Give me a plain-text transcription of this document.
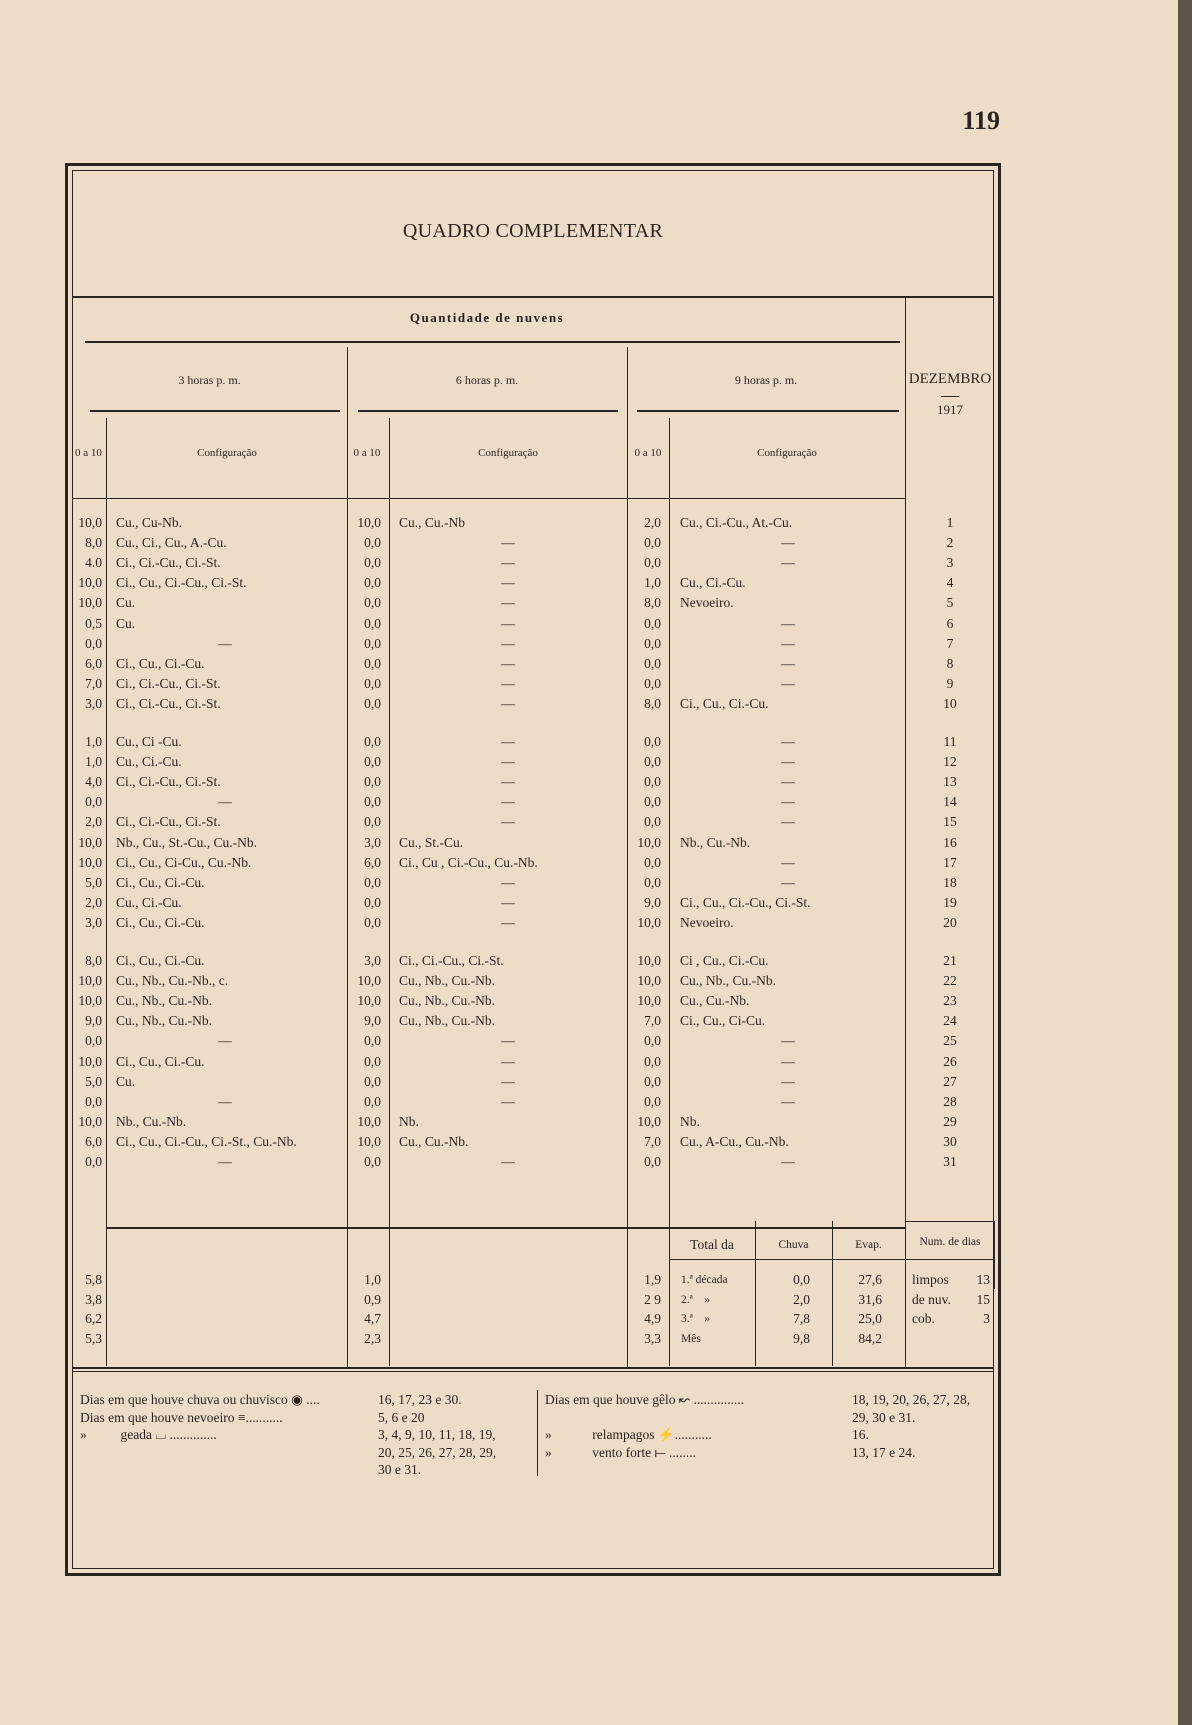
119
QUADRO COMPLEMENTAR
Quantidade de nuvens
3 horas p. m.	6 horas p. m.	9 horas p. m.	DEZEMBRO
1917
0 a 10	Configuração	0 a 10	Configuração	0 a 10	Configuração
10,0 Cu., Cu-Nb.	10,0 Cu., Cu.-Nb	2,0 Cu., Ci.-Cu., At.-Cu.	1
8,0 Cu., Ci., Cu., A.-Cu.	0,0	—	0,0	—	2
4.0 Ci., Ci.-Cu., Ci.-St.	0,0	—	0,0	—	3
10,0 Ci., Cu., Ci.-Cu., Ci.-St.	0,0	—	1,0 Cu., Ci.-Cu.	4
10,0 Cu.	0,0	—	8,0 Nevoeiro.	5
0,5 Cu.	0,0	—	0,0	—	6
0,0	—	0,0	—	0,0	—	7
6,0 Ci., Cu., Ci.-Cu.	0,0	—	0,0	—	8
7,0 Ci., Ci.-Cu., Ci.-St.	0,0	—	0,0	—	9
3,0 Ci., Ci.-Cu., Ci.-St.	0,0	—	8,0 Ci., Cu., Ci.-Cu.	10
1,0 Cu., Ci -Cu.	0,0	—	0,0	—	11
1,0 Cu., Ci.-Cu.	0,0	—	0,0	—	12
4,0 Ci., Ci.-Cu., Ci.-St.	0,0	—	0,0	—	13
0,0	—	0,0	—	0,0	—	14
2,0 Ci., Ci.-Cu., Ci.-St.	0,0	—	0,0	—	15
10,0 Nb., Cu., St.-Cu., Cu.-Nb.	3,0 Cu., St.-Cu.	10,0 Nb., Cu.-Nb.	16
10,0 Ci., Cu., Ci-Cu., Cu.-Nb.	6,0 Ci., Cu , Ci.-Cu., Cu.-Nb.	0,0	—	17
5,0 Ci., Cu., Ci.-Cu.	0,0	—	0,0	—	18
2,0 Cu., Ci.-Cu.	0,0	—	9,0 Ci., Cu., Ci.-Cu., Ci.-St.	19
3,0 Ci., Cu., Ci.-Cu.	0,0	—	10,0 Nevoeiro.	20
8,0 Ci., Cu., Ci.-Cu.	3,0 Ci., Ci.-Cu., Ci.-St.	10,0 Ci , Cu., Ci.-Cu.	21
10,0 Cu., Nb., Cu.-Nb., c.	10,0 Cu., Nb., Cu.-Nb.	10,0 Cu., Nb., Cu.-Nb.	22
10,0 Cu., Nb., Cu.-Nb.	10,0 Cu., Nb., Cu.-Nb.	10,0 Cu., Cu.-Nb.	23
9,0 Cu., Nb., Cu.-Nb.	9,0 Cu., Nb., Cu.-Nb.	7,0 Ci., Cu., Ci-Cu.	24
0,0	—	0,0	—	0,0	—	25
10,0 Ci., Cu., Ci.-Cu.	0,0	—	0,0	—	26
5,0 Cu.	0,0	—	0,0	—	27
0,0	—	0,0	—	0,0	—	28
10,0 Nb., Cu.-Nb.	10,0 Nb.	10,0 Nb.	29
6,0 Ci., Cu., Ci.-Cu., Ci.-St., Cu.-Nb.	10,0 Cu., Cu.-Nb.	7,0 Cu., A-Cu., Cu.-Nb.	30
0,0	—	0,0	—	0,0	—	31
Total da	Chuva	Evap.	Num. de dias
5,8	1,0	1,9 1.ª década	0,0	27,6
3,8	0,9	2 9 2.ª    »	2,0	31,6
6,2	4,7	4,9 3.ª    »	7,8	25,0
5,3	2,3	3,3 Mês	9,8	84,2
limpos	13
de nuv.	15
cob.	3
Dias em que houve chuva ou chuvisco ◉ ....	16, 17, 23 e 30.
Dias em que houve nevoeiro ≡...........	5, 6 e 20
»          geada ⌴ ..............	3, 4, 9, 10, 11, 18, 19,
20, 25, 26, 27, 28, 29,
30 e 31.
Dias em que houve gêlo ↜ ...............	18, 19, 20, 26, 27, 28,
29, 30 e 31.
»            relampagos ⚡...........	16.
»            vento forte ⟝ ........	13, 17 e 24.
